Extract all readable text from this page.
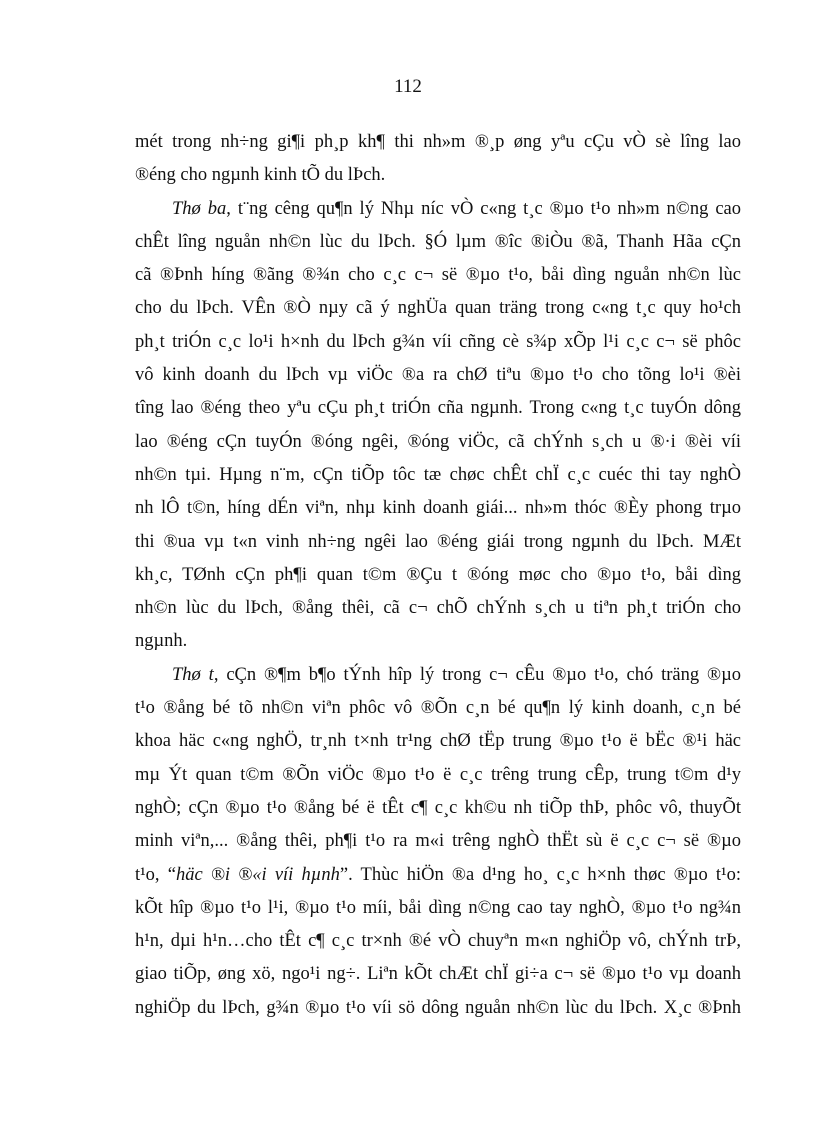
112
mét trong nh÷ng gi¶i ph¸p kh¶ thi nh»m ®¸p øng yªu cÇu vÒ sè lîng lao
®éng cho ngµnh kinh tÕ du lÞch.
Thø ba, t¨ng cêng qu¶n lý Nhµ níc vÒ c«ng t¸c ®µo t¹o nh»m n©ng cao
chÊt lîng nguån nh©n lùc du lÞch. §Ó lµm ®îc ®iÒu ®ã, Thanh Hãa cÇn
cã ®Þnh híng ®ãng ®¾n cho c¸c c¬ së ®µo t¹o, båi dìng nguån nh©n lùc
cho du lÞch. VÊn ®Ò nµy cã ý nghÜa quan träng trong c«ng t¸c quy ho¹ch
ph¸t triÓn c¸c lo¹i h×nh du lÞch g¾n víi cñng cè s¾p xÕp l¹i c¸c c¬ së phôc
vô kinh doanh du lÞch vµ viÖc ®a ra chØ tiªu ®µo t¹o cho tõng lo¹i ®èi
tîng lao ®éng theo yªu cÇu ph¸t triÓn cña ngµnh. Trong c«ng t¸c tuyÓn dông
lao ®éng cÇn tuyÓn ®óng ngêi, ®óng viÖc, cã chÝnh s¸ch u ®·i ®èi víi
nh©n tµi. Hµng n¨m, cÇn tiÕp tôc tæ chøc chÊt chÏ c¸c cuéc thi tay nghÒ
nh lÔ t©n, híng dÉn viªn, nhµ kinh doanh giái... nh»m thóc ®Èy phong trµo
thi ®ua vµ t«n vinh nh÷ng ngêi lao ®éng giái trong ngµnh du lÞch. MÆt
kh¸c, TØnh cÇn ph¶i quan t©m ®Çu t ®óng møc cho ®µo t¹o, båi dìng
nh©n lùc du lÞch, ®ång thêi, cã c¬ chÕ chÝnh s¸ch u tiªn ph¸t triÓn cho
ngµnh.
Thø t, cÇn ®¶m b¶o tÝnh hîp lý trong c¬ cÊu ®µo t¹o, chó träng ®µo
t¹o ®ång bé tõ nh©n viªn phôc vô ®Õn c¸n bé qu¶n lý kinh doanh, c¸n bé
khoa häc c«ng nghÖ, tr¸nh t×nh tr¹ng chØ tËp trung ®µo t¹o ë bËc ®¹i häc
mµ Ýt quan t©m ®Õn viÖc ®µo t¹o ë c¸c trêng trung cÊp, trung t©m d¹y
nghÒ; cÇn ®µo t¹o ®ång bé ë tÊt c¶ c¸c kh©u nh tiÕp thÞ, phôc vô, thuyÕt
minh viªn,... ®ång thêi, ph¶i t¹o ra m«i trêng nghÒ thËt sù ë c¸c c¬ së ®µo
t¹o, “häc ®i ®«i víi hµnh”. Thùc hiÖn ®a d¹ng ho¸ c¸c h×nh thøc ®µo t¹o:
kÕt hîp ®µo t¹o l¹i, ®µo t¹o míi, båi dìng n©ng cao tay nghÒ, ®µo t¹o ng¾n
h¹n, dµi h¹n…cho tÊt c¶ c¸c tr×nh ®é vÒ chuyªn m«n nghiÖp vô, chÝnh trÞ,
giao tiÕp, øng xö, ngo¹i ng÷. Liªn kÕt chÆt chÏ gi÷a c¬ së ®µo t¹o vµ doanh
nghiÖp du lÞch, g¾n ®µo t¹o víi sö dông nguån nh©n lùc du lÞch. X¸c ®Þnh
